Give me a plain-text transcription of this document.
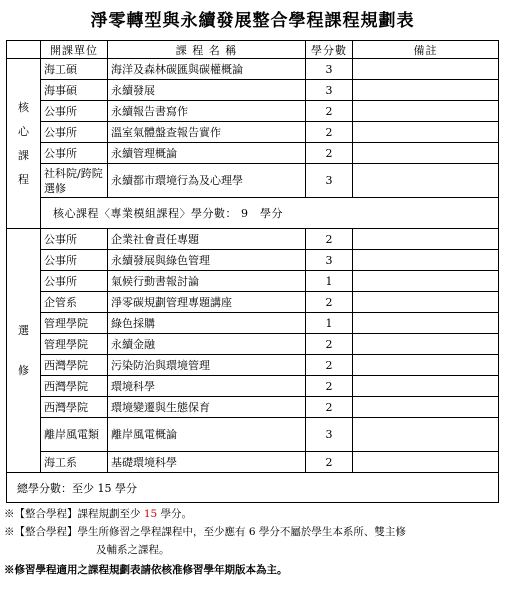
淨零轉型與永續發展整合學程課程規劃表
	開課單位	課 程 名 稱	學分數	備註

核
心
課
程	海工碩	海洋及森林碳匯與碳權概論	3	
	海事碩	永續發展	3	
	公事所	永續報告書寫作	2	
	公事所	溫室氣體盤查報告實作	2	
	公事所	永續管理概論	2	
	社科院/跨院選修	永續都市環境行為及心理學	3	
	核心課程〈專業模組課程〉學分數： 9　學分			

選
修	公事所	企業社會責任專題	2	
	公事所	永續發展與綠色管理	3	
	公事所	氣候行動書報討論	1	
	企管系	淨零碳規劃管理專題講座	2	
	管理學院	綠色採購	1	
	管理學院	永續金融	2	
	西灣學院	污染防治與環境管理	2	
	西灣學院	環境科學	2	
	西灣學院	環境變遷與生態保育	2	
	離岸風電類	離岸風電概論	3	
	海工系	基礎環境科學	2	
總學分數：至少 15 學分				
※【整合學程】課程規劃至少 15 學分。
※【整合學程】學生所修習之學程課程中，至少應有 6 學分不屬於學生本系所、雙主修
及輔系之課程。
※修習學程適用之課程規劃表請依核准修習學年期版本為主。
